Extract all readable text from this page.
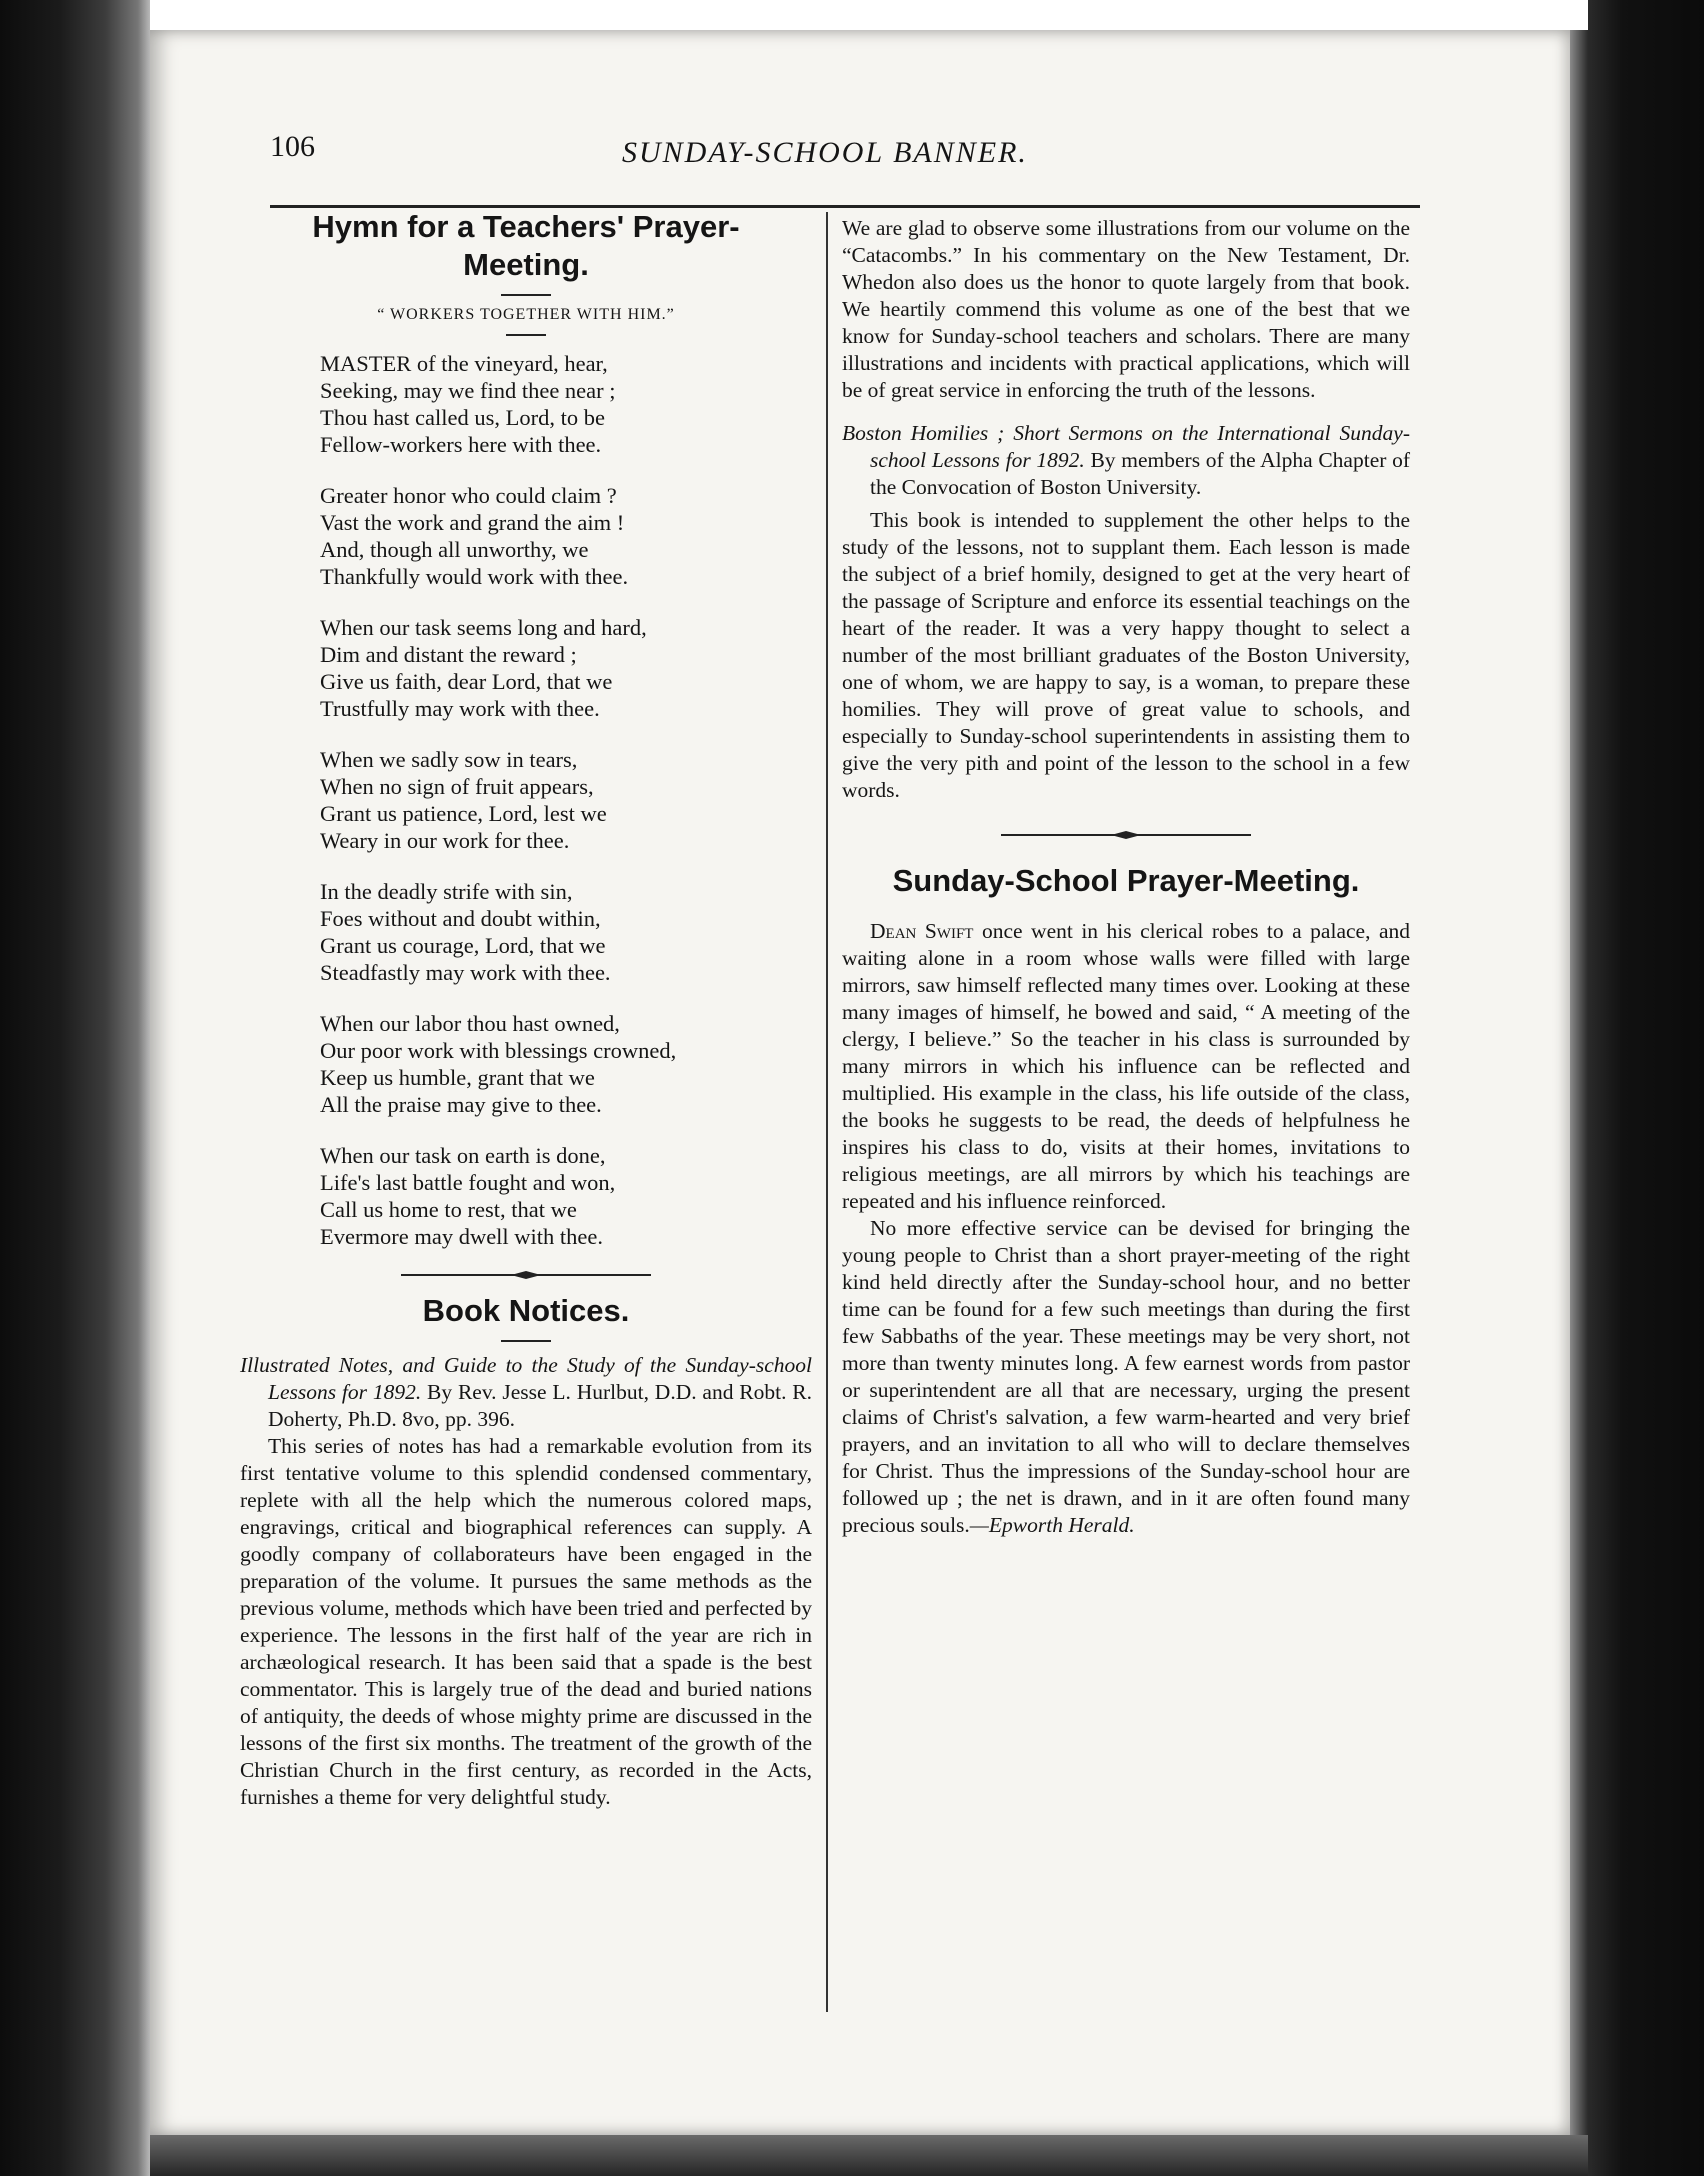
106	SUNDAY-SCHOOL BANNER.
Hymn for a Teachers' Prayer-
Meeting.

“ WORKERS TOGETHER WITH HIM.”

MASTER of the vineyard, hear,
Seeking, may we find thee near ;
Thou hast called us, Lord, to be
Fellow-workers here with thee.
Greater honor who could claim ?
Vast the work and grand the aim !
And, though all unworthy, we
Thankfully would work with thee.
When our task seems long and hard,
Dim and distant the reward ;
Give us faith, dear Lord, that we
Trustfully may work with thee.
When we sadly sow in tears,
When no sign of fruit appears,
Grant us patience, Lord, lest we
Weary in our work for thee.
In the deadly strife with sin,
Foes without and doubt within,
Grant us courage, Lord, that we
Steadfastly may work with thee.
When our labor thou hast owned,
Our poor work with blessings crowned,
Keep us humble, grant that we
All the praise may give to thee.
When our task on earth is done,
Life's last battle fought and won,
Call us home to rest, that we
Evermore may dwell with thee.
Book Notices.

Illustrated Notes, and Guide to the Study of the Sunday-school Lessons for 1892. By Rev. Jesse L. Hurlbut, D.D. and Robt. R. Doherty, Ph.D. 8vo, pp. 396.

This series of notes has had a remarkable evolution from its first tentative volume to this splendid condensed commentary, replete with all the help which the numerous colored maps, engravings, critical and biographical references can supply. A goodly company of collaborateurs have been engaged in the preparation of the volume. It pursues the same methods as the previous volume, methods which have been tried and perfected by experience. The lessons in the first half of the year are rich in archæological research. It has been said that a spade is the best commentator. This is largely true of the dead and buried nations of antiquity, the deeds of whose mighty prime are discussed in the lessons of the first six months. The treatment of the growth of the Christian Church in the first century, as recorded in the Acts, furnishes a theme for very delightful study.

We are glad to observe some illustrations from our volume on the “Catacombs.” In his commentary on the New Testament, Dr. Whedon also does us the honor to quote largely from that book. We heartily commend this volume as one of the best that we know for Sunday-school teachers and scholars. There are many illustrations and incidents with practical applications, which will be of great service in enforcing the truth of the lessons.

Boston Homilies ; Short Sermons on the International Sunday-school Lessons for 1892. By members of the Alpha Chapter of the Convocation of Boston University.

This book is intended to supplement the other helps to the study of the lessons, not to supplant them. Each lesson is made the subject of a brief homily, designed to get at the very heart of the passage of Scripture and enforce its essential teachings on the heart of the reader. It was a very happy thought to select a number of the most brilliant graduates of the Boston University, one of whom, we are happy to say, is a woman, to prepare these homilies. They will prove of great value to schools, and especially to Sunday-school superintendents in assisting them to give the very pith and point of the lesson to the school in a few words.

Sunday-School Prayer-Meeting.

Dean Swift once went in his clerical robes to a palace, and waiting alone in a room whose walls were filled with large mirrors, saw himself reflected many times over. Looking at these many images of himself, he bowed and said, “ A meeting of the clergy, I believe.” So the teacher in his class is surrounded by many mirrors in which his influence can be reflected and multiplied. His example in the class, his life outside of the class, the books he suggests to be read, the deeds of helpfulness he inspires his class to do, visits at their homes, invitations to religious meetings, are all mirrors by which his teachings are repeated and his influence reinforced.

No more effective service can be devised for bringing the young people to Christ than a short prayer-meeting of the right kind held directly after the Sunday-school hour, and no better time can be found for a few such meetings than during the first few Sabbaths of the year. These meetings may be very short, not more than twenty minutes long. A few earnest words from pastor or superintendent are all that are necessary, urging the present claims of Christ's salvation, a few warm-hearted and very brief prayers, and an invitation to all who will to declare themselves for Christ. Thus the impressions of the Sunday-school hour are followed up ; the net is drawn, and in it are often found many precious souls.—Epworth Herald.
